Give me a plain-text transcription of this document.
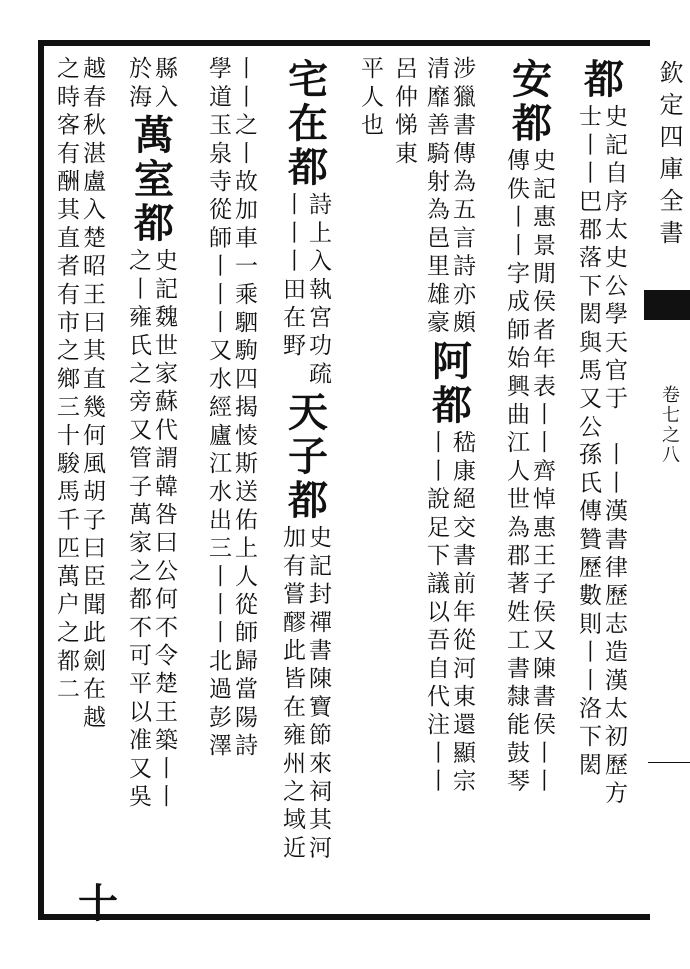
欽定四庫全書
卷七之八
都
史記自序太史公學天官于
士丨丨巴郡落下閎與馬又公
丨丨漢書律歷志造漢太初歷方
孫氏傳贊歷數則丨丨洛下閎
安都
史記惠景閒侯者年表丨丨齊悼惠王子侯又陳書侯丨丨
傳佚丨丨字成師始興曲江人世為郡著姓工書隸能鼓琴
涉獵書傳為五言詩亦頗
清靡善騎射為邑里雄豪
阿都
嵇康絕交書前年從河東還顯宗
丨丨說足下議以吾自代注丨丨
呂仲悌東
平人也
宅在都
詩上入執宮功疏
丨丨丨田在野
天子都
史記封禪書陳寶節來祠其河
加有嘗醪此皆在雍州之域近
丨丨之丨故加車一乘駟駒四揭㥄斯送佑上人從師歸當陽詩
學道玉泉寺從師丨丨丨又水經廬江水出三丨丨丨北過彭澤
縣入
於海
萬室都
史記魏世家蘇代謂韓咎曰公何不令楚王築丨丨
之丨雍氏之旁又管子萬家之都不可平以准又吳
越春秋湛盧入楚昭王曰其直幾何風胡子曰臣聞此劍在越
之時客有酬其直者有市之鄉三十駿馬千匹萬户之都二
十
